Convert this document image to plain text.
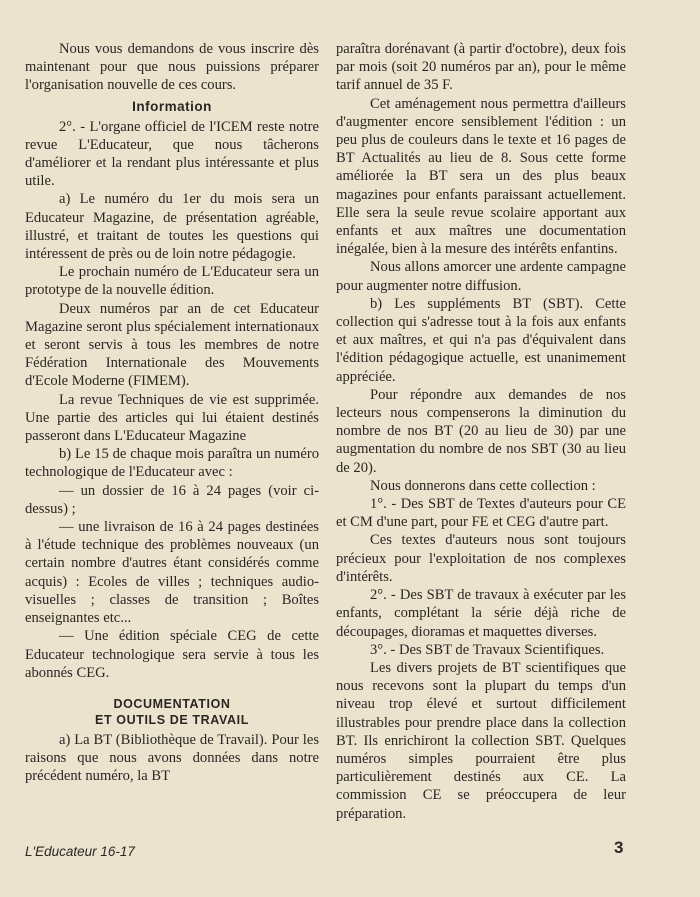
Nous vous demandons de vous inscrire dès maintenant pour que nous puissions préparer l'organisation nouvelle de ces cours.

Information

2°. - L'organe officiel de l'ICEM reste notre revue L'Educateur, que nous tâcherons d'améliorer et la rendant plus intéressante et plus utile.

a) Le numéro du 1er du mois sera un Educateur Magazine, de présentation agréable, illustré, et traitant de toutes les questions qui intéressent de près ou de loin notre pédagogie.

Le prochain numéro de L'Educateur sera un prototype de la nouvelle édition.

Deux numéros par an de cet Educateur Magazine seront plus spécialement internationaux et seront servis à tous les membres de notre Fédération Internationale des Mouvements d'Ecole Moderne (FIMEM).

La revue Techniques de vie est supprimée. Une partie des articles qui lui étaient destinés passeront dans L'Educateur Magazine

b) Le 15 de chaque mois paraîtra un numéro technologique de l'Educateur avec :

— un dossier de 16 à 24 pages (voir ci-dessus) ;

— une livraison de 16 à 24 pages destinées à l'étude technique des problèmes nouveaux (un certain nombre d'autres étant considérés comme acquis) : Ecoles de villes ; techniques audio-visuelles ; classes de transition ; Boîtes enseignantes etc...

— Une édition spéciale CEG de cette Educateur technologique sera servie à tous les abonnés CEG.

DOCUMENTATION
ET OUTILS DE TRAVAIL

a) La BT (Bibliothèque de Travail). Pour les raisons que nous avons données dans notre précédent numéro, la BT

paraîtra dorénavant (à partir d'octobre), deux fois par mois (soit 20 numéros par an), pour le même tarif annuel de 35 F.

Cet aménagement nous permettra d'ailleurs d'augmenter encore sensiblement l'édition : un peu plus de couleurs dans le texte et 16 pages de BT Actualités au lieu de 8. Sous cette forme améliorée la BT sera un des plus beaux magazines pour enfants paraissant actuellement. Elle sera la seule revue scolaire apportant aux enfants et aux maîtres une documentation inégalée, bien à la mesure des intérêts enfantins.

Nous allons amorcer une ardente campagne pour augmenter notre diffusion.

b) Les suppléments BT (SBT). Cette collection qui s'adresse tout à la fois aux enfants et aux maîtres, et qui n'a pas d'équivalent dans l'édition pédagogique actuelle, est unanimement appréciée.

Pour répondre aux demandes de nos lecteurs nous compenserons la diminution du nombre de nos BT (20 au lieu de 30) par une augmentation du nombre de nos SBT (30 au lieu de 20).

Nous donnerons dans cette collection :

1°. - Des SBT de Textes d'auteurs pour CE et CM d'une part, pour FE et CEG d'autre part.

Ces textes d'auteurs nous sont toujours précieux pour l'exploitation de nos complexes d'intérêts.

2°. - Des SBT de travaux à exécuter par les enfants, complétant la série déjà riche de découpages, dioramas et maquettes diverses.

3°. - Des SBT de Travaux Scientifiques.

Les divers projets de BT scientifiques que nous recevons sont la plupart du temps d'un niveau trop élevé et surtout difficilement illustrables pour prendre place dans la collection BT. Ils enrichiront la collection SBT. Quelques numéros simples pourraient être plus particulièrement destinés aux CE. La commission CE se préoccupera de leur préparation.

L'Educateur 16-17	3
